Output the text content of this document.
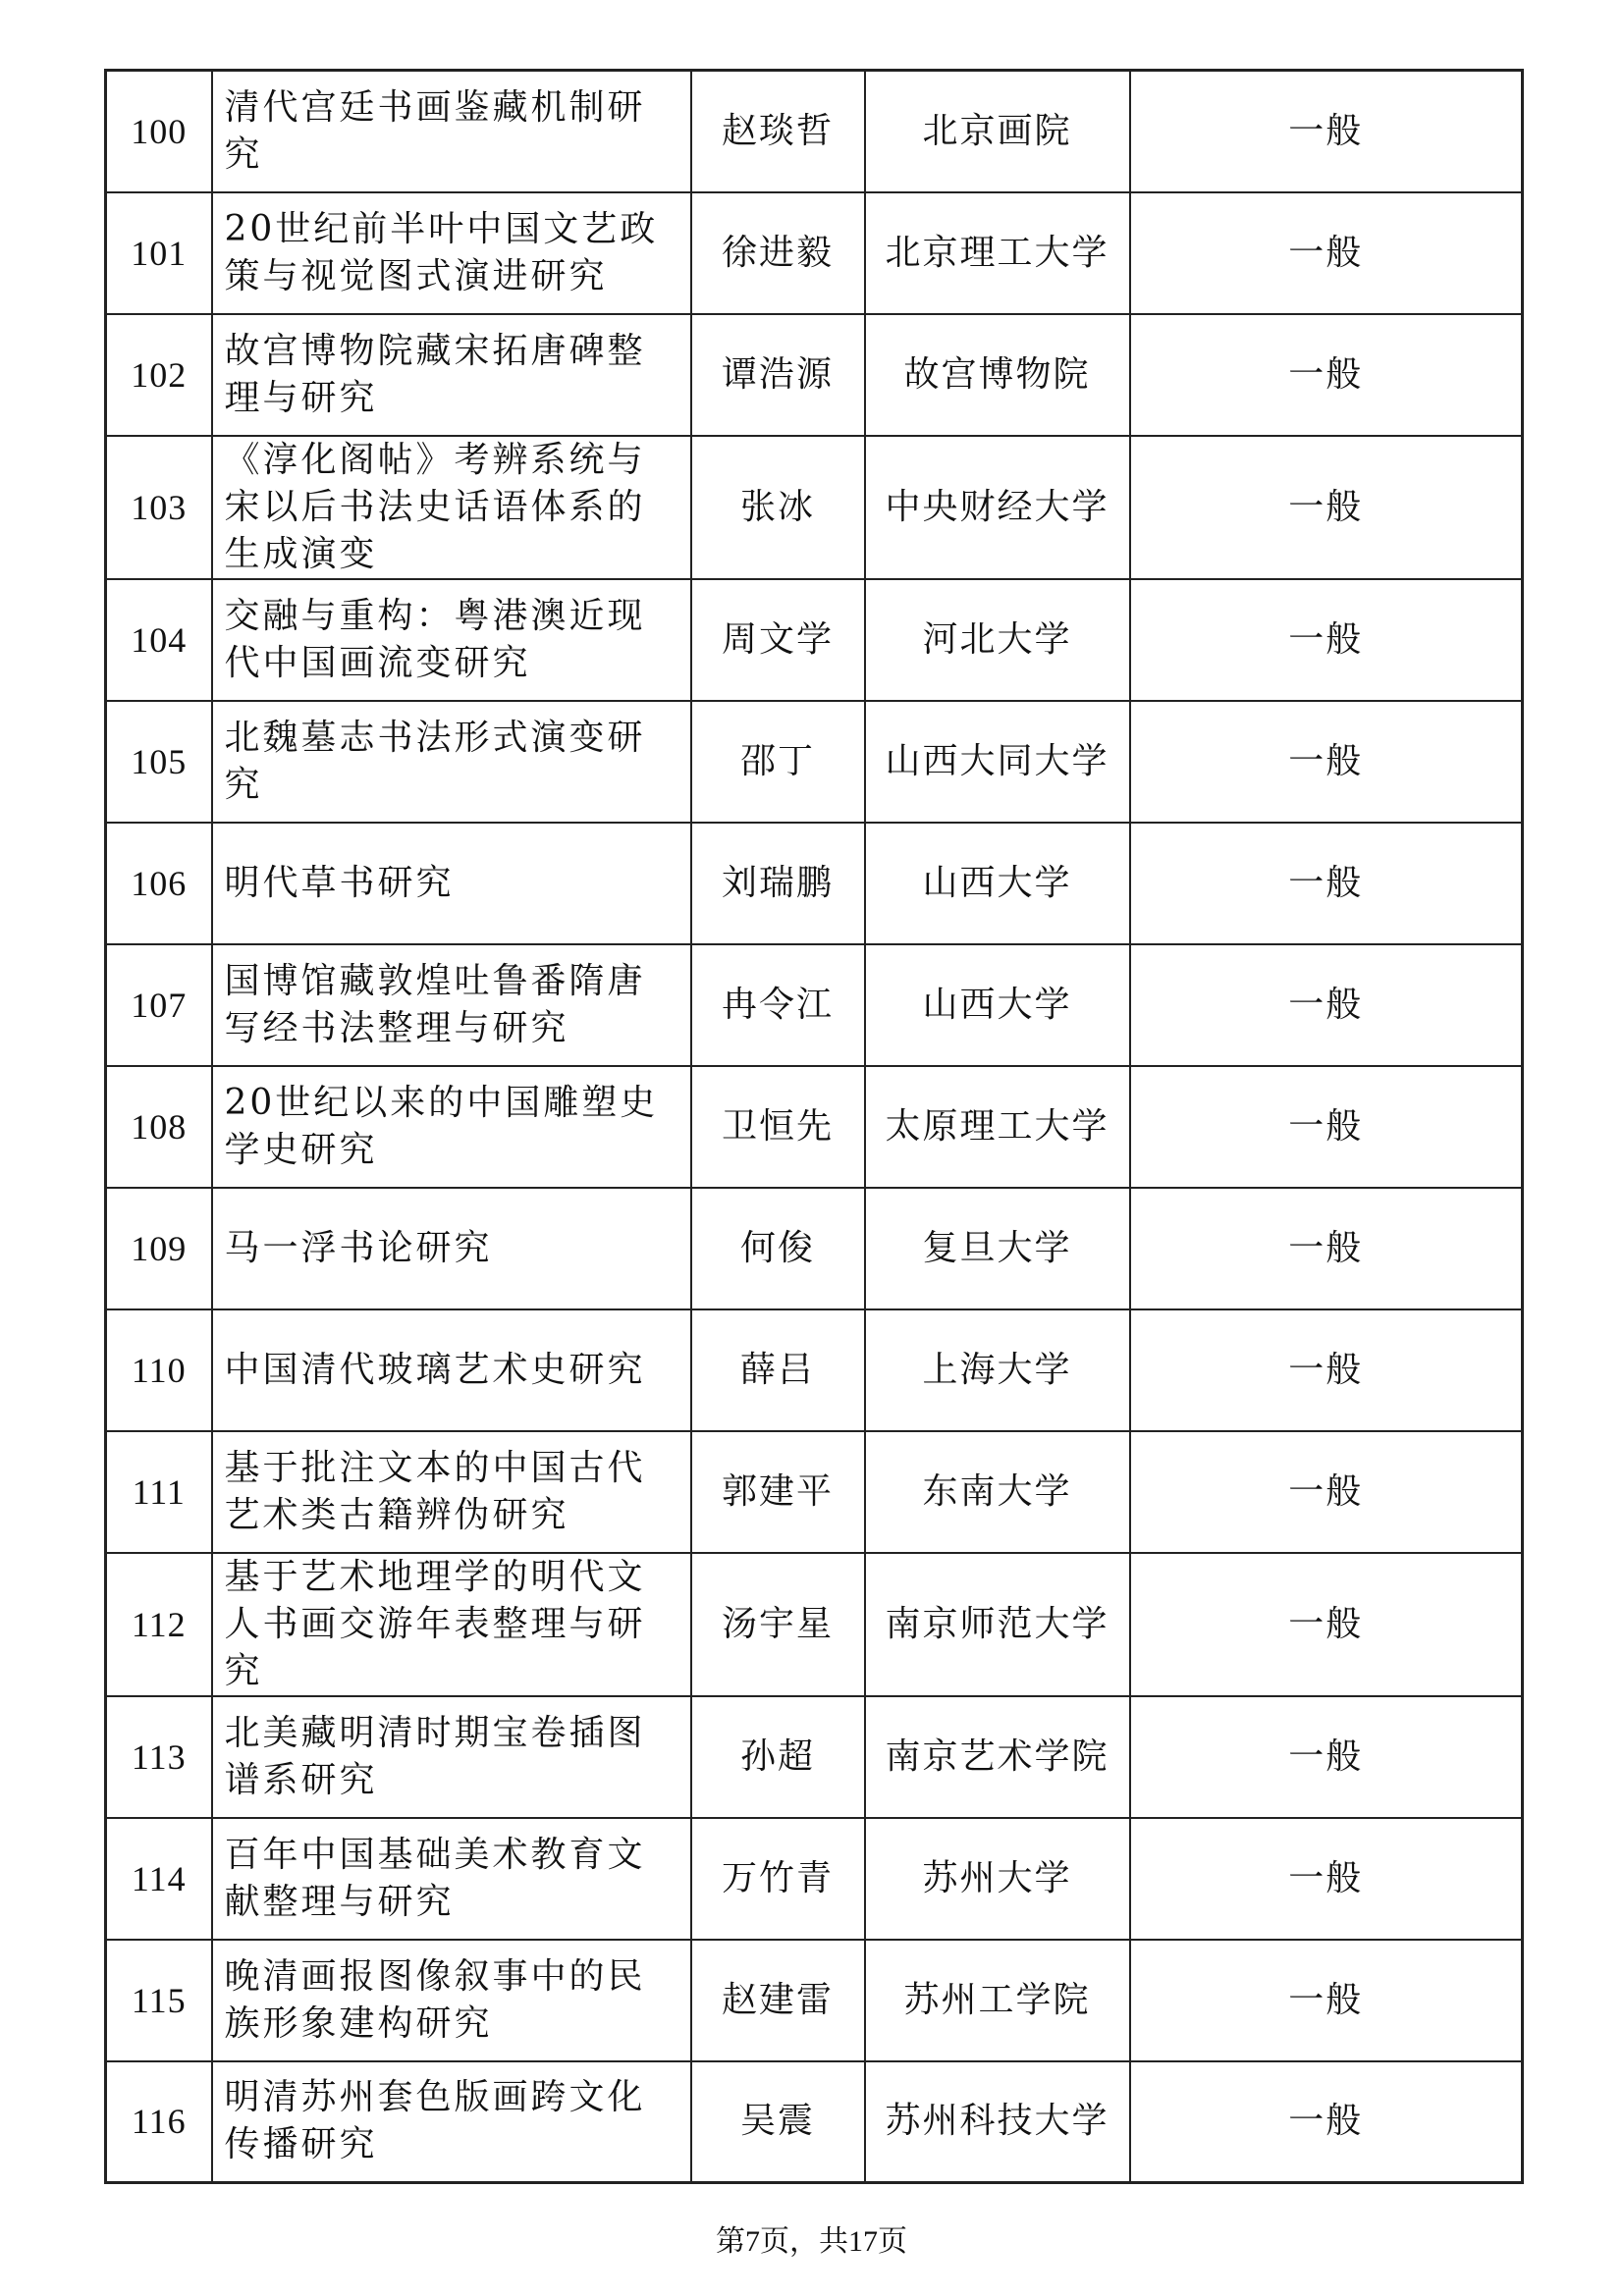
100	清代宫廷书画鉴藏机制研究	赵琰哲	北京画院	一般
101	20世纪前半叶中国文艺政策与视觉图式演进研究	徐进毅	北京理工大学	一般
102	故宫博物院藏宋拓唐碑整理与研究	谭浩源	故宫博物院	一般
103	《淳化阁帖》考辨系统与宋以后书法史话语体系的生成演变	张冰	中央财经大学	一般
104	交融与重构：粤港澳近现代中国画流变研究	周文学	河北大学	一般
105	北魏墓志书法形式演变研究	邵丁	山西大同大学	一般
106	明代草书研究	刘瑞鹏	山西大学	一般
107	国博馆藏敦煌吐鲁番隋唐写经书法整理与研究	冉令江	山西大学	一般
108	20世纪以来的中国雕塑史学史研究	卫恒先	太原理工大学	一般
109	马一浮书论研究	何俊	复旦大学	一般
110	中国清代玻璃艺术史研究	薛吕	上海大学	一般
111	基于批注文本的中国古代艺术类古籍辨伪研究	郭建平	东南大学	一般
112	基于艺术地理学的明代文人书画交游年表整理与研究	汤宇星	南京师范大学	一般
113	北美藏明清时期宝卷插图谱系研究	孙超	南京艺术学院	一般
114	百年中国基础美术教育文献整理与研究	万竹青	苏州大学	一般
115	晚清画报图像叙事中的民族形象建构研究	赵建雷	苏州工学院	一般
116	明清苏州套色版画跨文化传播研究	吴震	苏州科技大学	一般
第7页，共17页
